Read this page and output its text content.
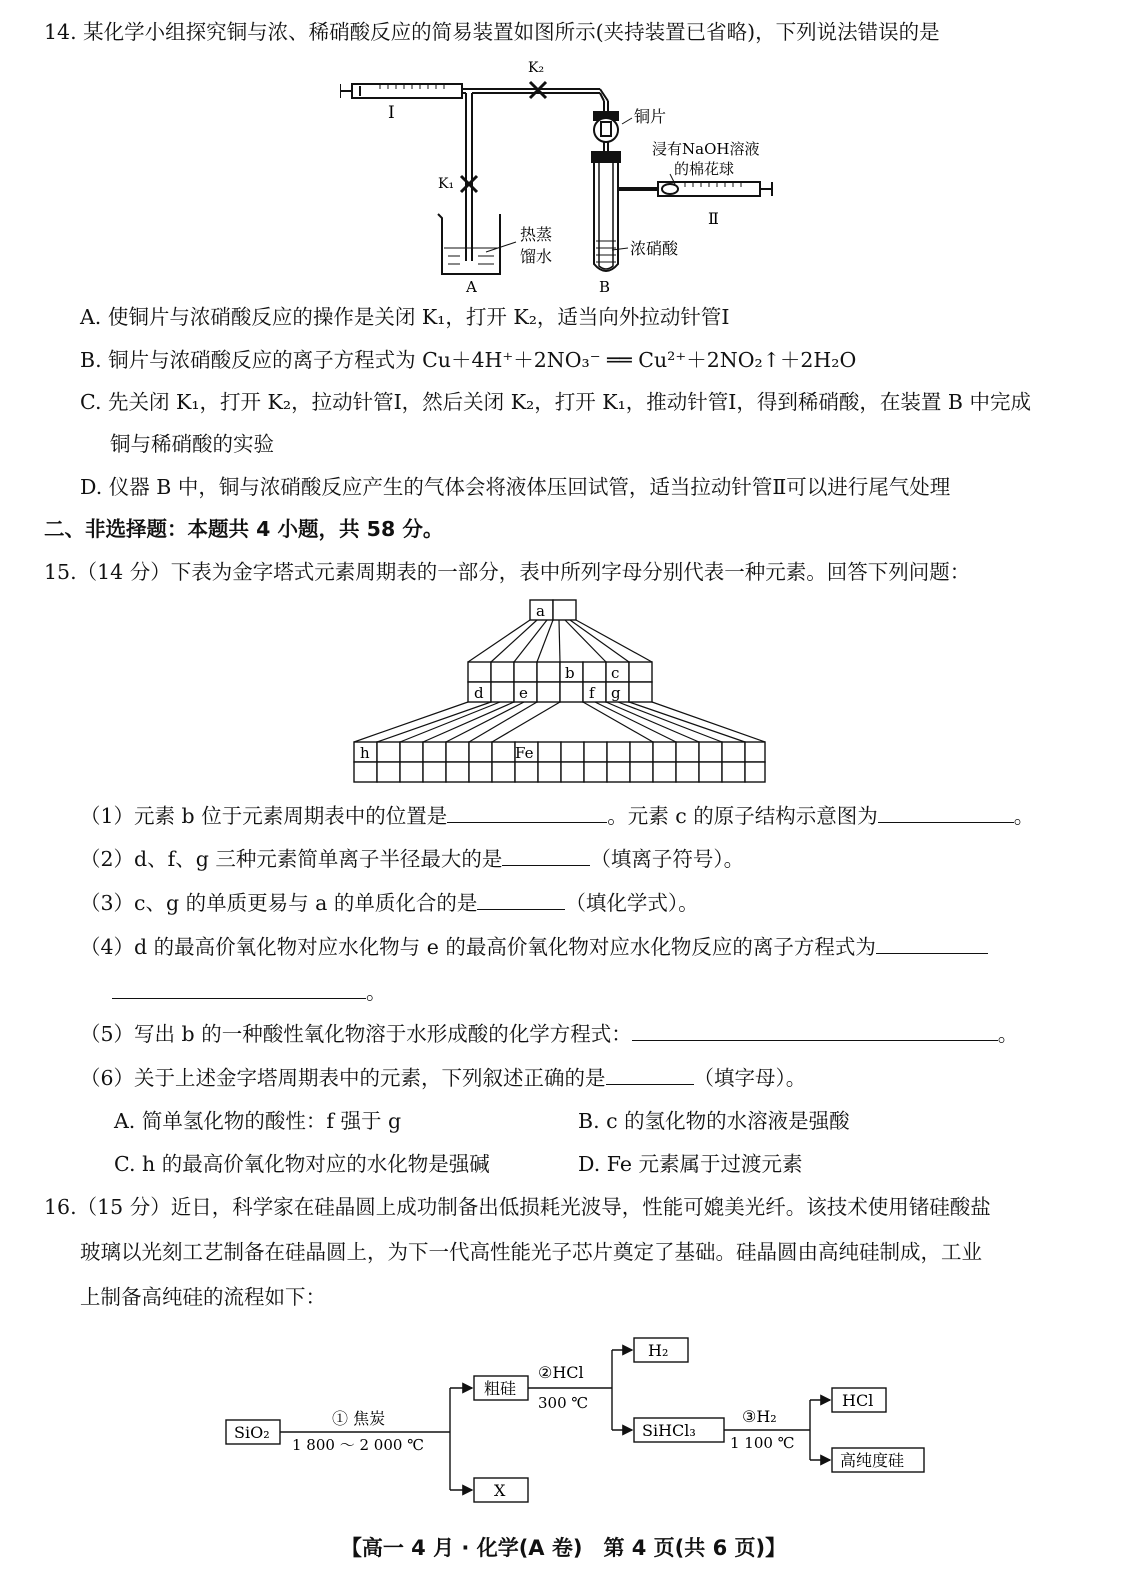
14. 某化学小组探究铜与浓、稀硝酸反应的简易装置如图所示(夹持装置已省略)，下列说法错误的是
Ⅰ
K₂
K₁
铜片
浸有NaOH溶液
的棉花球
Ⅱ
热蒸
馏水	浓硝酸
A	B
A. 使铜片与浓硝酸反应的操作是关闭 K₁，打开 K₂，适当向外拉动针管Ⅰ
B. 铜片与浓硝酸反应的离子方程式为 Cu＋4H⁺＋2NO₃⁻ ══ Cu²⁺＋2NO₂↑＋2H₂O
C. 先关闭 K₁，打开 K₂，拉动针管Ⅰ，然后关闭 K₂，打开 K₁，推动针管Ⅰ，得到稀硝酸，在装置 B 中完成
铜与稀硝酸的实验
D. 仪器 B 中，铜与浓硝酸反应产生的气体会将液体压回试管，适当拉动针管Ⅱ可以进行尾气处理
二、非选择题：本题共 4 小题，共 58 分。
15.（14 分）下表为金字塔式元素周期表的一部分，表中所列字母分别代表一种元素。回答下列问题：
a
b c
d e	f g
h	Fe
（1）元素 b 位于元素周期表中的位置是	。元素 c 的原子结构示意图为	。
（2）d、f、g 三种元素简单离子半径最大的是	（填离子符号）。
（3）c、g 的单质更易与 a 的单质化合的是	（填化学式）。
（4）d 的最高价氧化物对应水化物与 e 的最高价氧化物对应水化物反应的离子方程式为
。
（5）写出 b 的一种酸性氧化物溶于水形成酸的化学方程式：	。
（6）关于上述金字塔周期表中的元素，下列叙述正确的是	（填字母）。
A. 简单氢化物的酸性：f 强于 g	B. c 的氢化物的水溶液是强酸
C. h 的最高价氧化物对应的水化物是强碱	D. Fe 元素属于过渡元素
16.（15 分）近日，科学家在硅晶圆上成功制备出低损耗光波导，性能可媲美光纤。该技术使用锗硅酸盐
玻璃以光刻工艺制备在硅晶圆上，为下一代高性能光子芯片奠定了基础。硅晶圆由高纯硅制成，工业
上制备高纯硅的流程如下：
SiO₂
① 焦炭
1 800 ～ 2 000 ℃
粗硅
②HCl
300 ℃
H₂
X
SiHCl₃
③H₂
1 100 ℃
HCl
高纯度硅
【高一 4 月 · 化学(A 卷)　第 4 页(共 6 页)】
